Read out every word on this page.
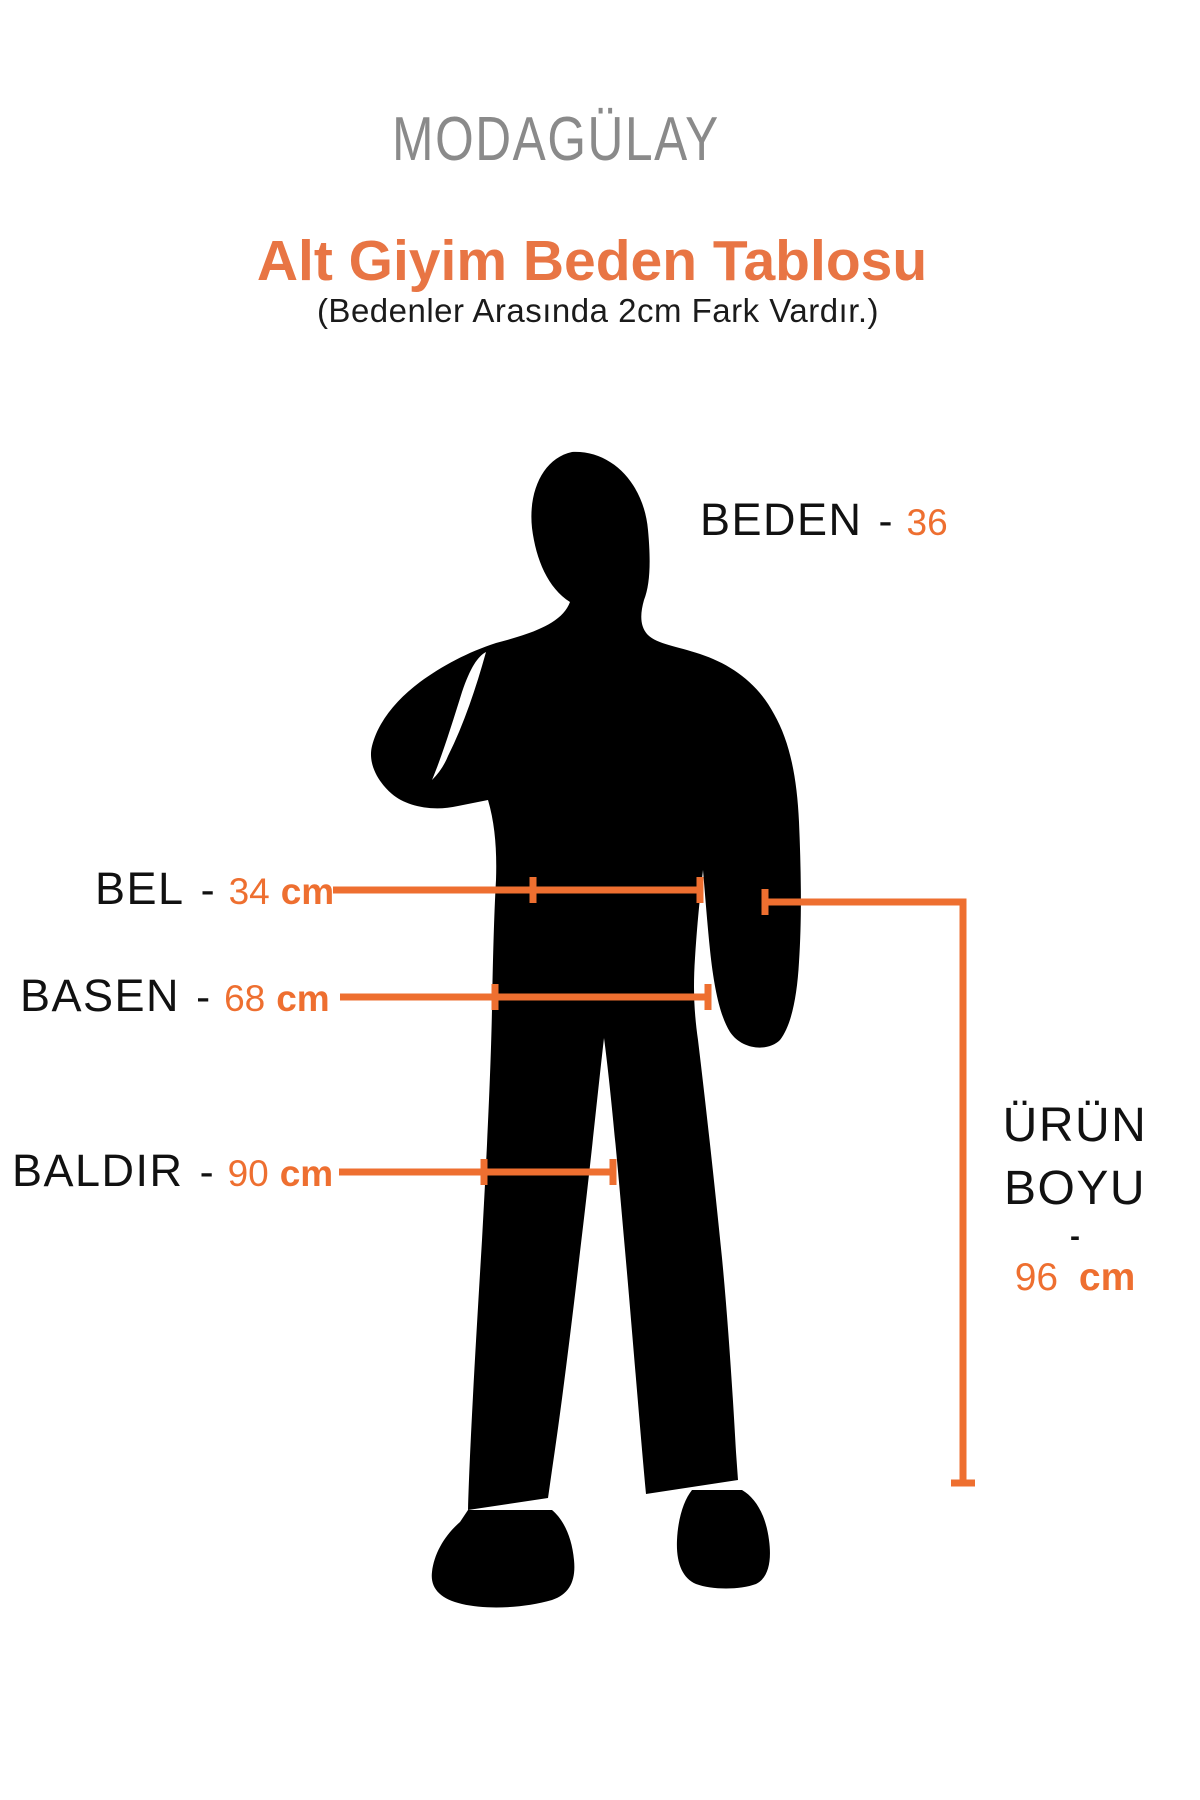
MODAGÜLAY
Alt Giyim Beden Tablosu
(Bedenler Arasında 2cm Fark Vardır.)
BEDEN - 36
BEL - 34 cm
BASEN - 68 cm
BALDIR - 90 cm
ÜRÜN
BOYU
-
96 cm
